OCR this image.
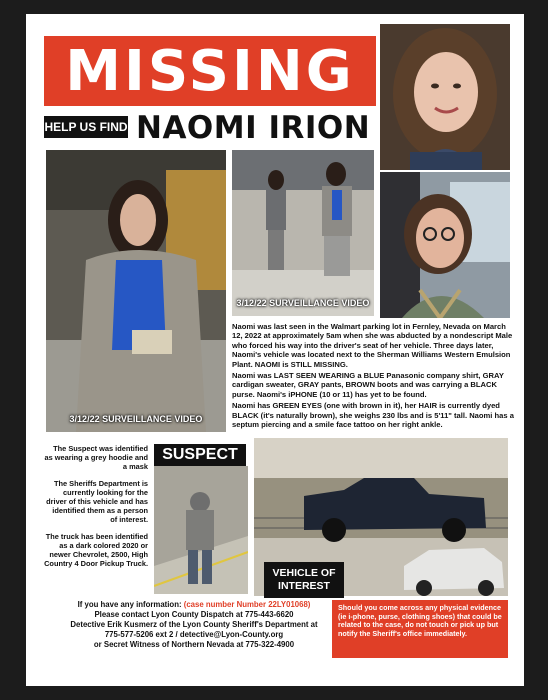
MISSING
HELP US FIND NAOMI IRION
3/12/22 SURVEILLANCE VIDEO
3/12/22 SURVEILLANCE VIDEO

Naomi was last seen in the Walmart parking lot in Fernley, Nevada on March 12, 2022 at approximately 5am when she was abducted by a nondescript Male who forced his way into the driver's seat of her vehicle. Three days later, Naomi's vehicle was located next to the Sherman Williams Western Emulsion Plant. NAOMI is STILL MISSING.

Naomi was LAST SEEN WEARING a BLUE Panasonic company shirt, GRAY cardigan sweater, GRAY pants, BROWN boots and was carrying a BLACK purse. Naomi's iPHONE (10 or 11) has yet to be found.

Naomi has GREEN EYES (one with brown in it), her HAIR is currently dyed BLACK (it's naturally brown), she weighs 230 lbs and is 5'11" tall. Naomi has a septum piercing and a smile face tattoo on her right ankle.

The Suspect was identified as wearing a grey hoodie and a mask

The Sheriffs Department is currently looking for the driver of this vehicle and has identified them as a person of interest.

The truck has been identified as a dark colored 2020 or newer Chevrolet, 2500, High Country 4 Door Pickup Truck.

SUSPECT
VEHICLE OF
INTEREST
If you have any information: (case number Number 22LY01068)
Please contact Lyon County Dispatch at 775-443-6620
Detective Erik Kusmerz of the Lyon County Sheriff's Department at
775-577-5206 ext 2 / detective@Lyon-County.org
or Secret Witness of Northern Nevada at 775-322-4900
Should you come across any physical evidence (ie i-phone, purse, clothing shoes) that could be related to the case, do not touch or pick up but notify the Sheriff's office immediately.
